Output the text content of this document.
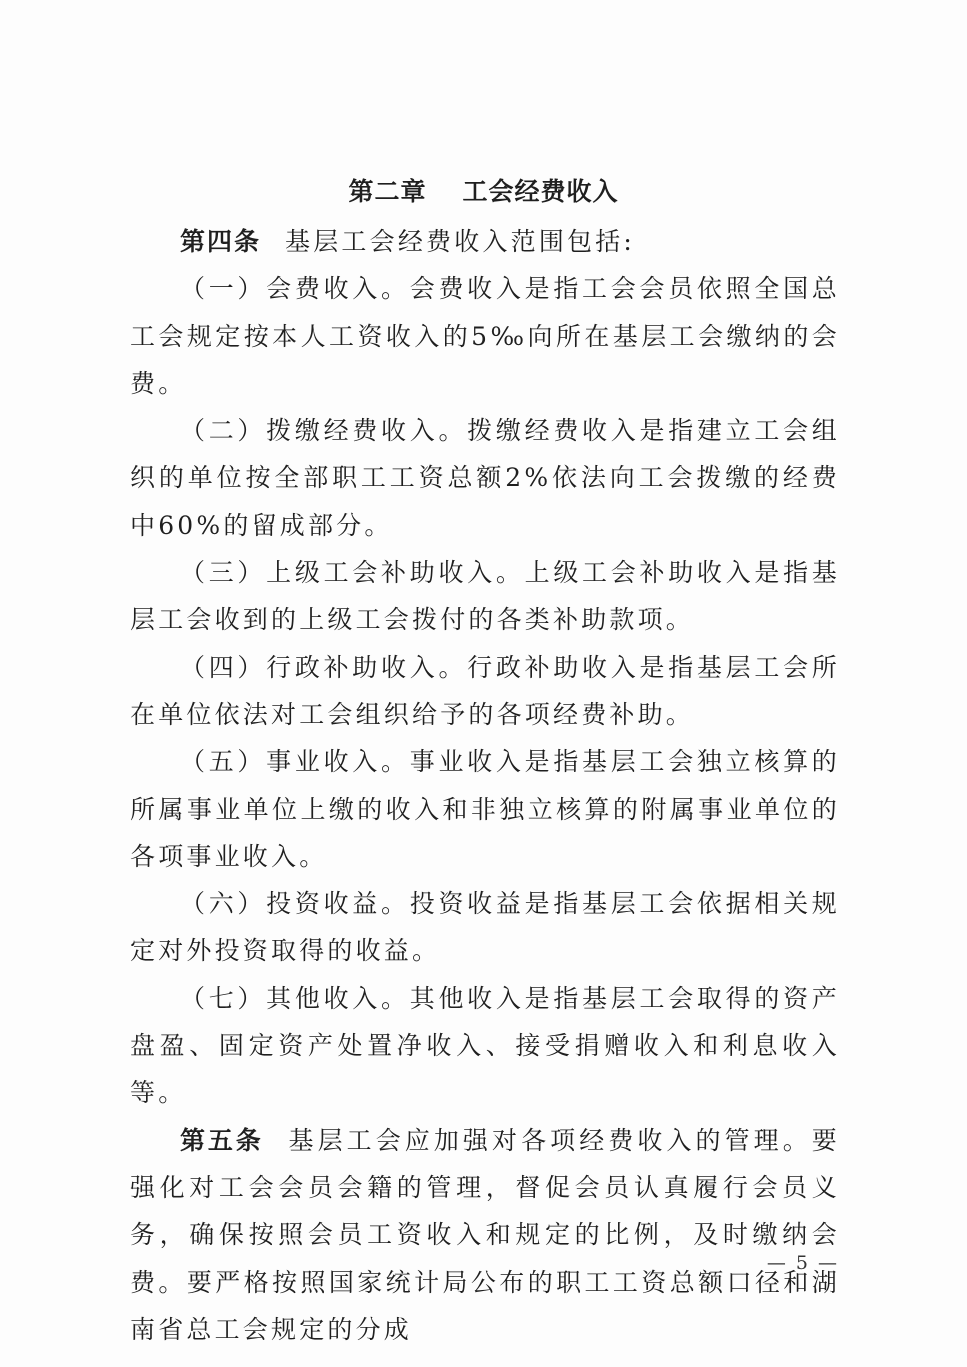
第二章 工会经费收入

第四条 基层工会经费收入范围包括:

（一）会费收入。会费收入是指工会会员依照全国总工会规定按本人工资收入的5‰向所在基层工会缴纳的会费。

（二）拨缴经费收入。拨缴经费收入是指建立工会组织的单位按全部职工工资总额2%依法向工会拨缴的经费中60%的留成部分。

（三）上级工会补助收入。上级工会补助收入是指基层工会收到的上级工会拨付的各类补助款项。

（四）行政补助收入。行政补助收入是指基层工会所在单位依法对工会组织给予的各项经费补助。

（五）事业收入。事业收入是指基层工会独立核算的所属事业单位上缴的收入和非独立核算的附属事业单位的各项事业收入。

（六）投资收益。投资收益是指基层工会依据相关规定对外投资取得的收益。

（七）其他收入。其他收入是指基层工会取得的资产盘盈、固定资产处置净收入、接受捐赠收入和利息收入等。

第五条 基层工会应加强对各项经费收入的管理。要强化对工会会员会籍的管理，督促会员认真履行会员义务，确保按照会员工资收入和规定的比例，及时缴纳会费。要严格按照国家统计局公布的职工工资总额口径和湖南省总工会规定的分成

— 5 —
